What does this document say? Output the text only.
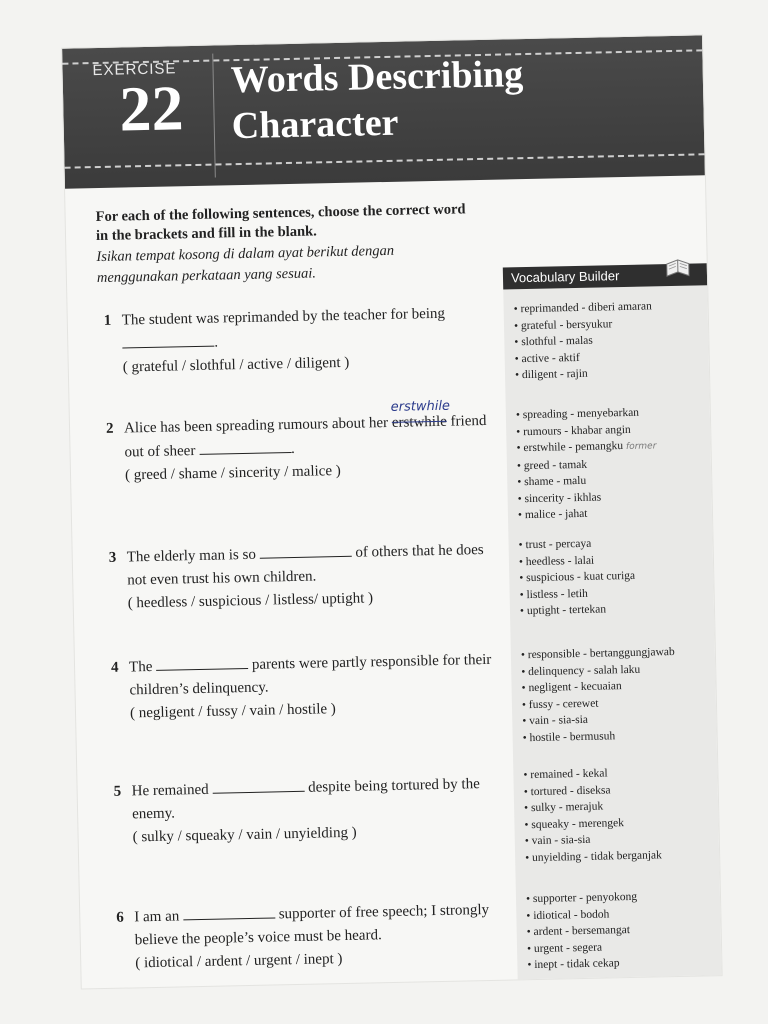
EXERCISE
22 Words Describing
Character
For each of the following sentences, choose the correct word
in the brackets and fill in the blank.
Isikan tempat kosong di dalam ayat berikut dengan
menggunakan perkataan yang sesuai.	Vocabulary Builder
• reprimanded - diberi amaran
• grateful - bersyukur
• slothful - malas
• active - aktif
• diligent - rajin
• spreading - menyebarkan
• rumours - khabar angin
• erstwhile - pemangku former
• greed - tamak
• shame - malu
• sincerity - ikhlas
• malice - jahat
• trust - percaya
• heedless - lalai
• suspicious - kuat curiga
• listless - letih
• uptight - tertekan
• responsible - bertanggungjawab
• delinquency - salah laku
• negligent - kecuaian
• fussy - cerewet
• vain - sia-sia
• hostile - bermusuh
• remained - kekal
• tortured - diseksa
• sulky - merajuk
• squeaky - merengek
• vain - sia-sia
• unyielding - tidak berganjak
• supporter - penyokong
• idiotical - bodoh
• ardent - bersemangat
• urgent - segera
• inept - tidak cekap
1 The student was reprimanded by the teacher for being
.
( grateful / slothful / active / diligent )
erstwhile
2 Alice has been spreading rumours about her erstwhile friend
out of sheer	.
( greed / shame / sincerity / malice )
3 The elderly man is so	of others that he does
not even trust his own children.
( heedless / suspicious / listless/ uptight )
4 The	parents were partly responsible for their
children’s delinquency.
( negligent / fussy / vain / hostile )
5 He remained	despite being tortured by the
enemy.
( sulky / squeaky / vain / unyielding )
6 I am an	supporter of free speech; I strongly
believe the people’s voice must be heard.
( idiotical / ardent / urgent / inept )
